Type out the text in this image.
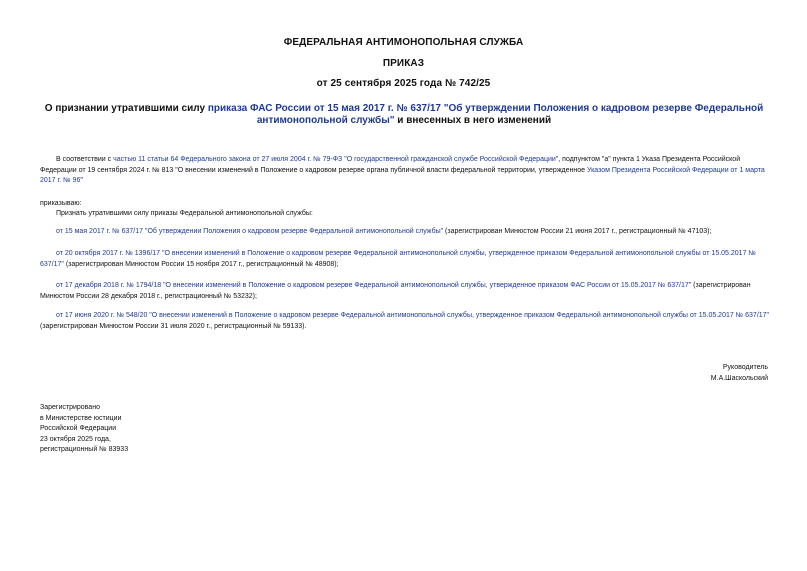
ФЕДЕРАЛЬНАЯ АНТИМОНОПОЛЬНАЯ СЛУЖБА
ПРИКАЗ
от 25 сентября 2025 года № 742/25
О признании утратившими силу приказа ФАС России от 15 мая 2017 г. № 637/17 "Об утверждении Положения о кадровом резерве Федеральной антимонопольной службы" и внесенных в него изменений
В соответствии с частью 11 статьи 64 Федерального закона от 27 июля 2004 г. № 79-ФЗ "О государственной гражданской службе Российской Федерации", подпунктом "а" пункта 1 Указа Президента Российской Федерации от 19 сентября 2024 г. № 813 "О внесении изменений в Положение о кадровом резерве органа публичной власти федеральной территории, утвержденное Указом Президента Российской Федерации от 1 марта 2017 г. № 96"
приказываю:
Признать утратившими силу приказы Федеральной антимонопольной службы:
от 15 мая 2017 г. № 637/17 "Об утверждении Положения о кадровом резерве Федеральной антимонопольной службы" (зарегистрирован Минюстом России 21 июня 2017 г., регистрационный № 47103);
от 20 октября 2017 г. № 1396/17 "О внесении изменений в Положение о кадровом резерве Федеральной антимонопольной службы, утвержденное приказом Федеральной антимонопольной службы от 15.05.2017 № 637/17" (зарегистрирован Минюстом России 15 ноября 2017 г., регистрационный № 48908);
от 17 декабря 2018 г. № 1794/18 "О внесении изменений в Положение о кадровом резерве Федеральной антимонопольной службы, утвержденное приказом ФАС России от 15.05.2017 № 637/17" (зарегистрирован Минюстом России 28 декабря 2018 г., регистрационный № 53232);
от 17 июня 2020 г. № 548/20 "О внесении изменений в Положение о кадровом резерве Федеральной антимонопольной службы, утвержденное приказом Федеральной антимонопольной службы от 15.05.2017 № 637/17" (зарегистрирован Минюстом России 31 июля 2020 г., регистрационный № 59133).
Руководитель
М.А.Шаскольский
Зарегистрировано
в Министерстве юстиции
Российской Федерации
23 октября 2025 года,
регистрационный № 83933
